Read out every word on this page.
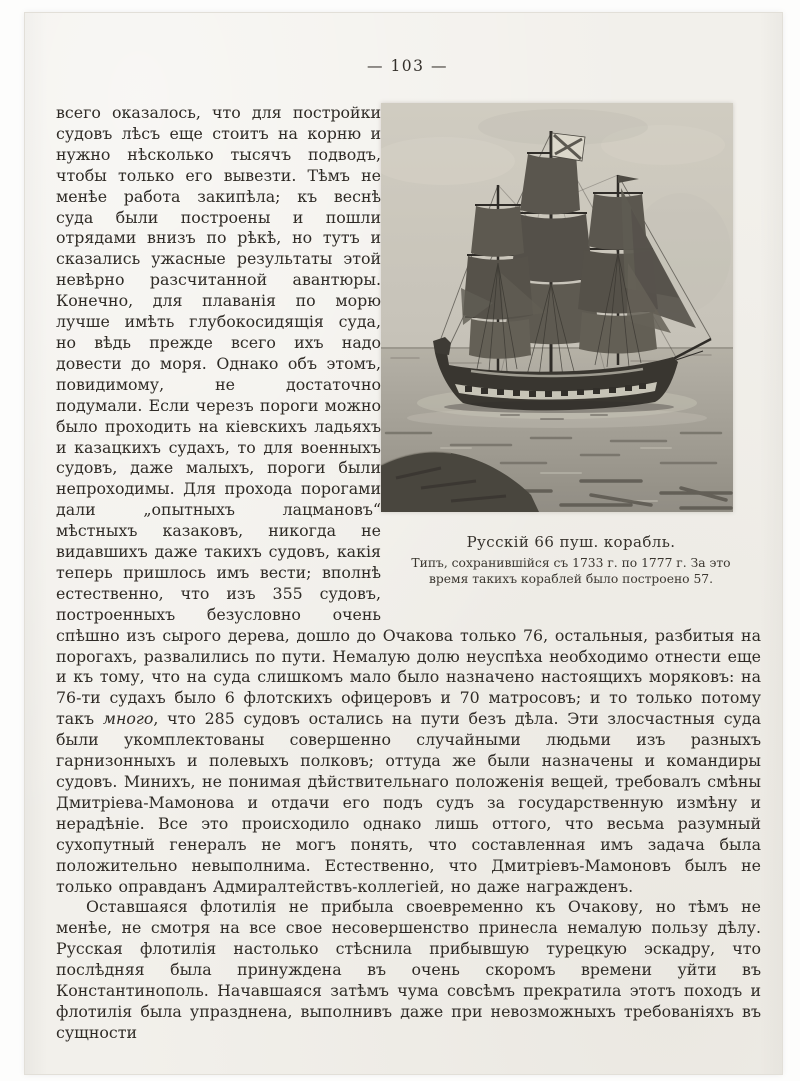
— 103 —
Русскій 66 пуш. корабль.
Типъ, сохранившійся съ 1733 г. по 1777 г. За это время такихъ кораблей было построено 57.

всего оказалось, что для постройки судовъ лѣсъ еще стоитъ на корню и нужно нѣсколько тысячъ подводъ, чтобы только его вывезти. Тѣмъ не менѣе работа закипѣла; къ веснѣ суда были построены и пошли отрядами внизъ по рѣкѣ, но тутъ и сказались ужасные результаты этой невѣрно разсчитанной авантюры. Конечно, для плаванія по морю лучше имѣть глубокосидящія суда, но вѣдь прежде всего ихъ надо довести до моря. Однако объ этомъ, повидимому, не достаточно подумали. Если черезъ пороги можно было проходить на кіевскихъ ладьяхъ и казацкихъ судахъ, то для военныхъ судовъ, даже малыхъ, пороги были непроходимы. Для прохода порогами дали „опытныхъ лацмановъ“ мѣстныхъ казаковъ, никогда не видавшихъ даже такихъ судовъ, какія теперь пришлось имъ вести; вполнѣ естественно, что изъ 355 судовъ, построенныхъ безусловно очень спѣшно изъ сырого дерева, дошло до Очакова только 76, остальныя, разбитыя на порогахъ, развалились по пути. Немалую долю неуспѣха необходимо отнести еще и къ тому, что на суда слишкомъ мало было назначено настоящихъ моряковъ: на 76-ти судахъ было 6 флотскихъ офицеровъ и 70 матросовъ; и то только потому такъ много, что 285 судовъ остались на пути безъ дѣла. Эти злосчастныя суда были укомплектованы совершенно случайными людьми изъ разныхъ гарнизонныхъ и полевыхъ полковъ; оттуда же были назначены и командиры судовъ. Минихъ, не понимая дѣйствительнаго положенія вещей, требовалъ смѣны Дмитріева-Мамонова и отдачи его подъ судъ за государственную измѣну и нерадѣніе. Все это происходило однако лишь оттого, что весьма разумный сухопутный генералъ не могъ понять, что составленная имъ задача была положительно невыполнима. Естественно, что Дмитріевъ-Мамоновъ былъ не только оправданъ Адмиралтействъ-коллегіей, но даже награжденъ.

Оставшаяся флотилія не прибыла своевременно къ Очакову, но тѣмъ не менѣе, не смотря на все свое несовершенство принесла немалую пользу дѣлу. Русская флотилія настолько стѣснила прибывшую турецкую эскадру, что послѣдняя была принуждена въ очень скоромъ времени уйти въ Константинополь. Начавшаяся затѣмъ чума совсѣмъ прекратила этотъ походъ и флотилія была упразднена, выполнивъ даже при невозможныхъ требованіяхъ въ сущности
